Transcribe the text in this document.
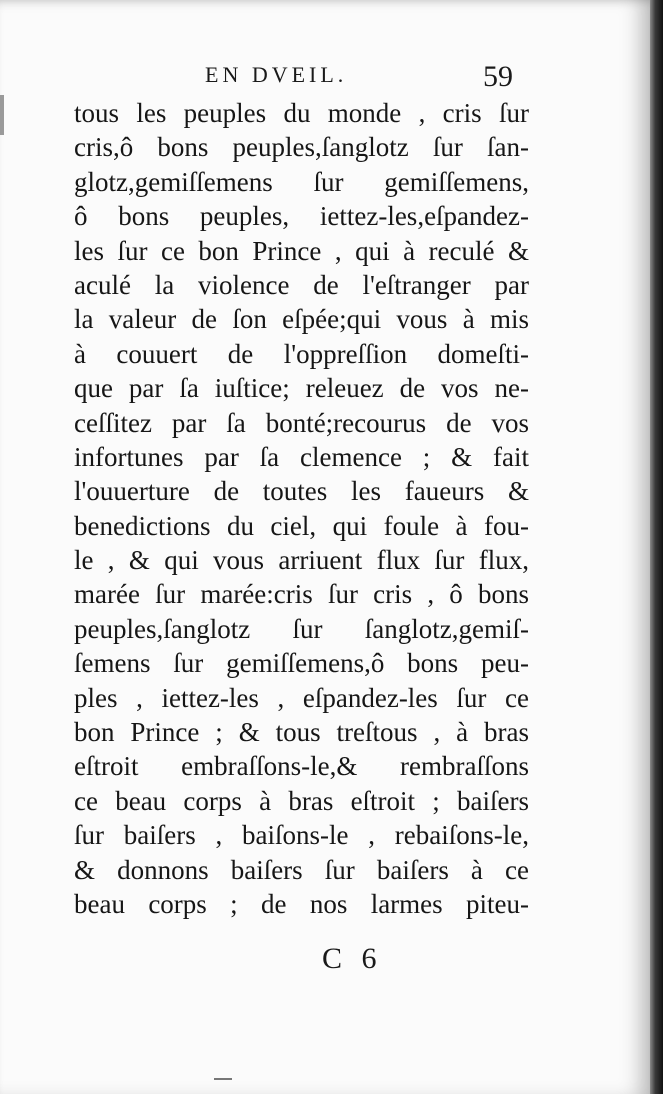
EN DVEIL.	59
tous les peuples du monde , cris ſur
cris,ô bons peuples,ſanglotz ſur ſan-
glotz,gemiſſemens ſur gemiſſemens,
ô bons peuples, iettez-les,eſpandez-
les ſur ce bon Prince , qui à reculé &
aculé la violence de l'eſtranger par
la valeur de ſon eſpée;qui vous à mis
à couuert de l'oppreſſion domeſti-
que par ſa iuſtice; releuez de vos ne-
ceſſitez par ſa bonté;recourus de vos
infortunes par ſa clemence ; & fait
l'ouuerture de toutes les faueurs &
benedictions du ciel, qui foule à fou-
le , & qui vous arriuent flux ſur flux,
marée ſur marée:cris ſur cris , ô bons
peuples,ſanglotz ſur ſanglotz,gemiſ-
ſemens ſur gemiſſemens,ô bons peu-
ples , iettez-les , eſpandez-les ſur ce
bon Prince ; & tous treſtous , à bras
eſtroit embraſſons-le,& rembraſſons
ce beau corps à bras eſtroit ; baiſers
ſur baiſers , baiſons-le , rebaiſons-le,
& donnons baiſers ſur baiſers à ce
beau corps ; de nos larmes piteu-
C 6
